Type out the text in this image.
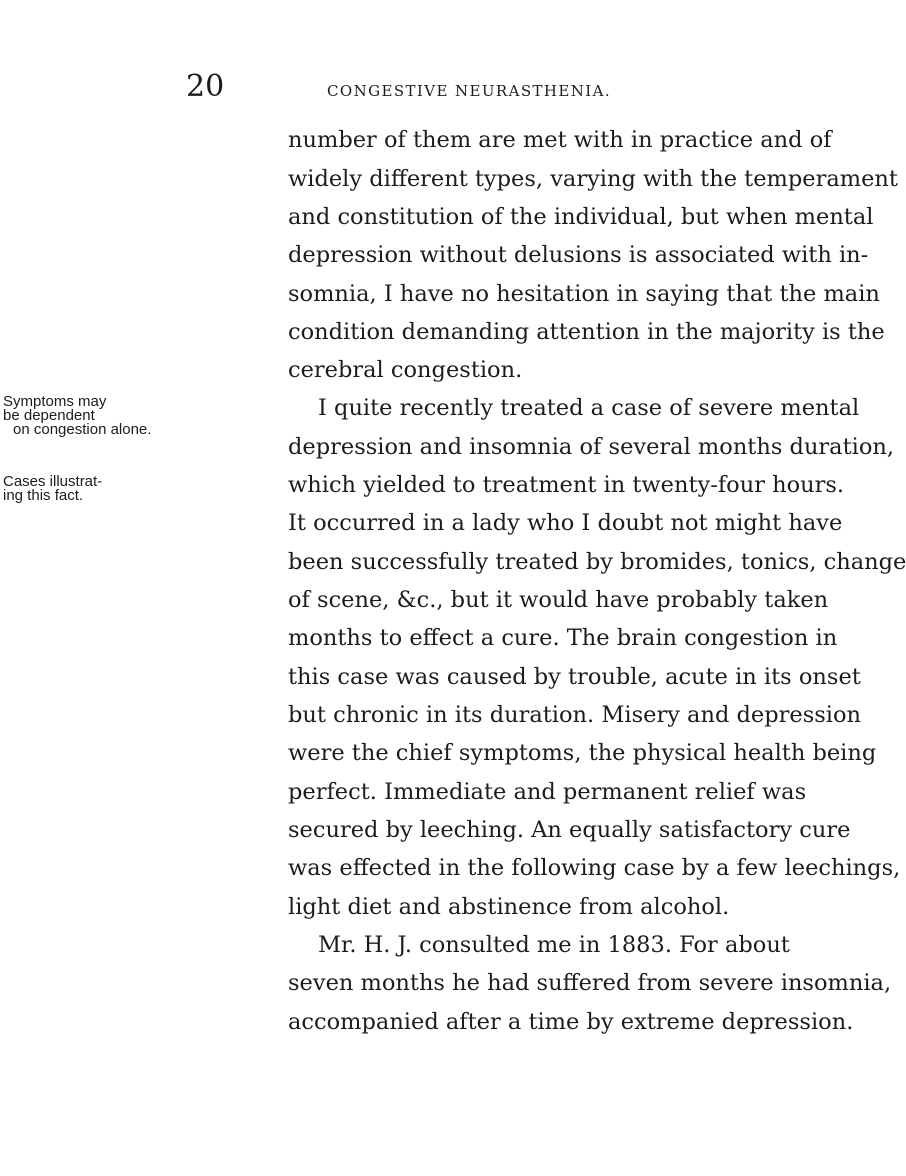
20	CONGESTIVE NEURASTHENIA.
Symptoms may
be dependent
on congestion alone.
Cases illustrat-
ing this fact.
number of them are met with in practice and of
widely different types, varying with the temperament
and constitution of the individual, but when mental
depression without delusions is associated with in-
somnia, I have no hesitation in saying that the main
condition demanding attention in the majority is the
cerebral congestion.
I quite recently treated a case of severe mental
depression and insomnia of several months duration,
which yielded to treatment in twenty-four hours.
It occurred in a lady who I doubt not might have
been successfully treated by bromides, tonics, change
of scene, &c., but it would have probably taken
months to effect a cure. The brain congestion in
this case was caused by trouble, acute in its onset
but chronic in its duration. Misery and depression
were the chief symptoms, the physical health being
perfect. Immediate and permanent relief was
secured by leeching. An equally satisfactory cure
was effected in the following case by a few leechings,
light diet and abstinence from alcohol.
Mr. H. J. consulted me in 1883. For about
seven months he had suffered from severe insomnia,
accompanied after a time by extreme depression.
